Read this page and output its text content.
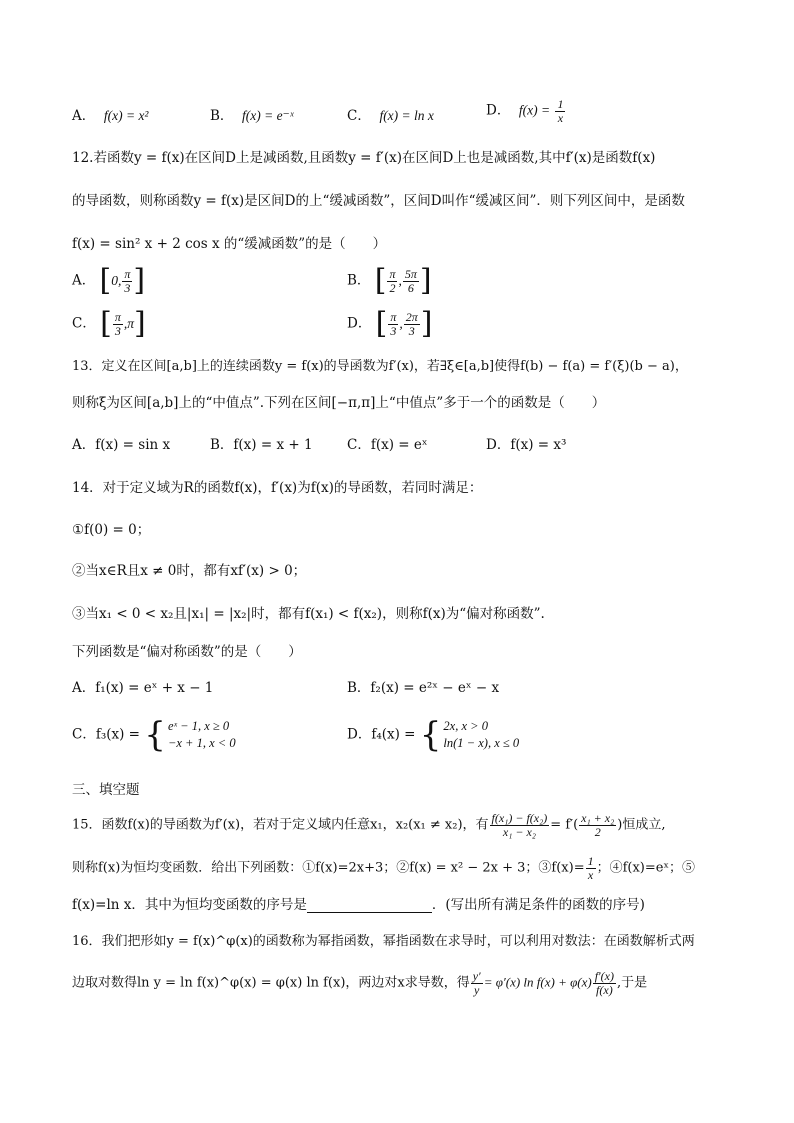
A． f(x) = x²	B． f(x) = e⁻ˣ	C． f(x) = ln x	D． $f(x) = \frac{1}{x}$
12.若函数y = f(x)在区间D上是减函数,且函数y = f′(x)在区间D上也是减函数,其中f′(x)是函数f(x)
的导函数，则称函数y = f(x)是区间D的上“缓减函数”，区间D叫作“缓减区间”．则下列区间中，是函数
f(x) = sin² x + 2 cos x 的“缓减函数”的是（　　）
A． [ 0, $\frac{\pi}{3}$ ]	B． [ $\frac{\pi}{2}$ , $\frac{5\pi}{6}$ ]
C． [ $\frac{\pi}{3} ,\pi$ ]	D． [ $\frac{\pi}{3}$ , $\frac{2\pi}{3}$ ]
13．定义在区间[a,b]上的连续函数y = f(x)的导函数为f′(x)，若∃ξ∈[a,b]使得f(b) − f(a) = f′(ξ)(b − a)，
则称ξ为区间[a,b]上的“中值点”.下列在区间[−π,π]上“中值点”多于一个的函数是（　　）
A．f(x) = sin x	B．f(x) = x + 1	C．f(x) = eˣ	D．f(x) = x³
14．对于定义域为R的函数f(x)，f′(x)为f(x)的导函数，若同时满足：
①f(0) = 0；
②当x∈R且x ≠ 0时，都有xf′(x) > 0；
③当x₁ < 0 < x₂且|x₁| = |x₂|时，都有f(x₁) < f(x₂)，则称f(x)为“偏对称函数”.
下列函数是“偏对称函数”的是（　　）
A．f₁(x) = eˣ + x − 1	B．f₂(x) = e²ˣ − eˣ − x
C．f₃(x) = { eˣ − 1, x ≥ 0
−x + 1, x < 0
D．f₄(x) = { 2x, x > 0
ln(1 − x), x ≤ 0
三、填空题
15．函数f(x)的导函数为f′(x)，若对于定义域内任意x₁，x₂(x₁ ≠ x₂)，有 $\frac{\text{f(x₁) − f(x₂)}}{\text{x₁ − x₂}} = f'( \frac{\text{x₁ + x₂}}{2}$ )恒成立,
则称f(x)为恒均变函数．给出下列函数：①f(x)=2x+3；②f(x) = x² − 2x + 3；③f(x)= $\frac{1}{x}$ ；④f(x)=eˣ；⑤
f(x)=ln x．其中为恒均变函数的序号是	．(写出所有满足条件的函数的序号)
16．我们把形如y = f(x)^φ(x)的函数称为幂指函数，幂指函数在求导时，可以利用对数法：在函数解析式两
边取对数得ln y = ln f(x)^φ(x) = φ(x) ln f(x)，两边对x求导数，得 $\frac{y'}{y} = \varphi'(x)$ $\ln f(x) + \varphi(x) \frac{f'(x)}{f(x)}$ ,于是
